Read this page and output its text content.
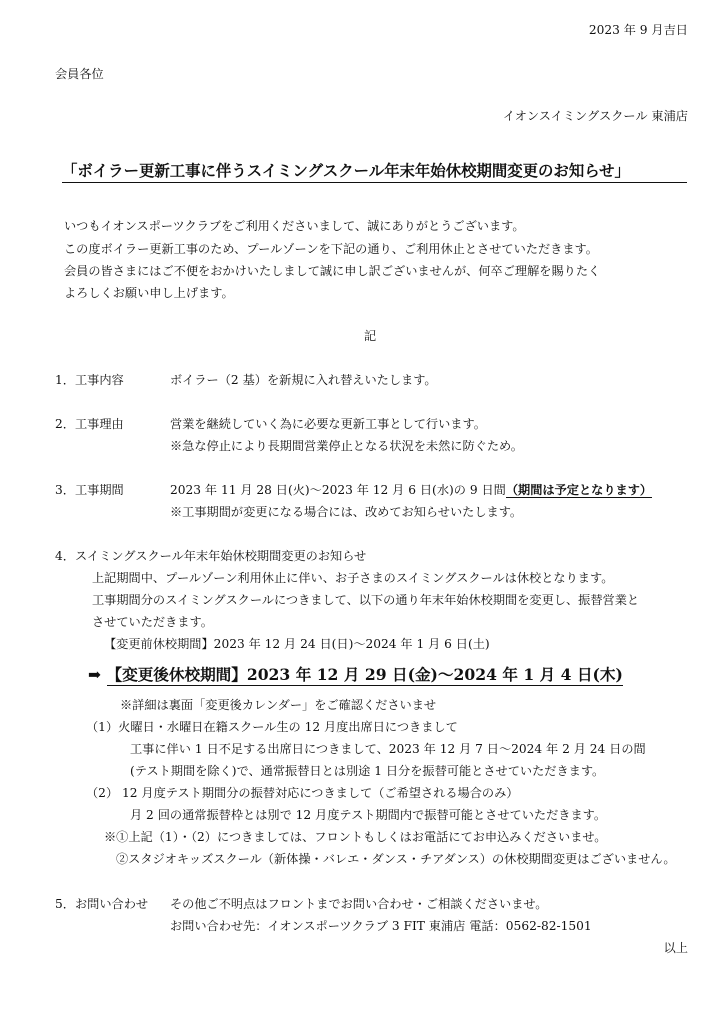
2023 年 9 月吉日
会員各位
イオンスイミングスクール 東浦店
「ボイラー更新工事に伴うスイミングスクール年末年始休校期間変更のお知らせ」
いつもイオンスポーツクラブをご利用くださいまして、誠にありがとうございます。
この度ボイラー更新工事のため、プールゾーンを下記の通り、ご利用休止とさせていただきます。
会員の皆さまにはご不便をおかけいたしまして誠に申し訳ございませんが、何卒ご理解を賜りたく
よろしくお願い申し上げます。
記
1．工事内容	ボイラー（2 基）を新規に入れ替えいたします。
2．工事理由	営業を継続していく為に必要な更新工事として行います。
※急な停止により長期間営業停止となる状況を未然に防ぐため。
3．工事期間	2023 年 11 月 28 日(火)～2023 年 12 月 6 日(水)の 9 日間（期間は予定となります）
※工事期間が変更になる場合には、改めてお知らせいたします。
4．スイミングスクール年末年始休校期間変更のお知らせ
上記期間中、プールゾーン利用休止に伴い、お子さまのスイミングスクールは休校となります。
工事期間分のスイミングスクールにつきまして、以下の通り年末年始休校期間を変更し、振替営業と
させていただきます。
【変更前休校期間】2023 年 12 月 24 日(日)～2024 年 1 月 6 日(土)
➡ 【変更後休校期間】2023 年 12 月 29 日(金)～2024 年 1 月 4 日(木)
※詳細は裏面「変更後カレンダー」をご確認くださいませ
（1）火曜日・水曜日在籍スクール生の 12 月度出席日につきまして
工事に伴い 1 日不足する出席日につきまして、2023 年 12 月 7 日～2024 年 2 月 24 日の間
(テスト期間を除く)で、通常振替日とは別途 1 日分を振替可能とさせていただきます。
（2） 12 月度テスト期間分の振替対応につきまして（ご希望される場合のみ）
月 2 回の通常振替枠とは別で 12 月度テスト期間内で振替可能とさせていただきます。
※①上記（1）・（2）につきましては、フロントもしくはお電話にてお申込みくださいませ。
②スタジオキッズスクール（新体操・バレエ・ダンス・チアダンス）の休校期間変更はございません。
5．お問い合わせ その他ご不明点はフロントまでお問い合わせ・ご相談くださいませ。
お問い合わせ先：イオンスポーツクラブ 3 FIT 東浦店 電話：0562-82-1501
以上
